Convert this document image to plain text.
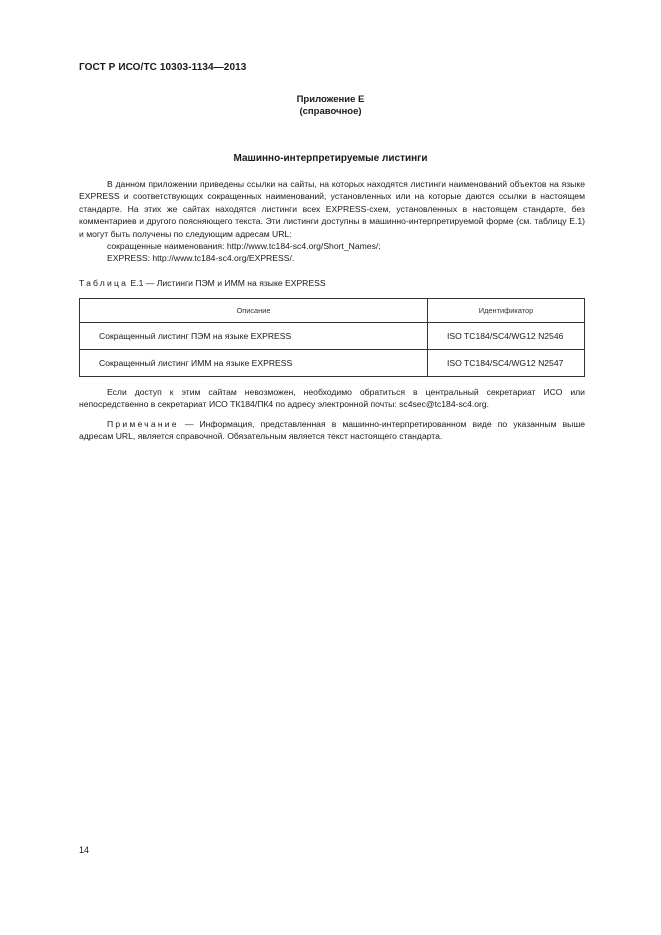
ГОСТ Р ИСО/ТС 10303-1134—2013
Приложение Е
(справочное)
Машинно-интерпретируемые листинги

В данном приложении приведены ссылки на сайты, на которых находятся листинги наименований объектов на языке EXPRESS и соответствующих сокращенных наименований, установленных или на которые даются ссылки в настоящем стандарте. На этих же сайтах находятся листинги всех EXPRESS-схем, установленных в настоящем стандарте, без комментариев и другого поясняющего текста. Эти листинги доступны в машинно-интерпретируемой форме (см. таблицу Е.1) и могут быть получены по следующим адресам URL:

сокращенные наименования: http://www.tc184-sc4.org/Short_Names/;

EXPRESS: http://www.tc184-sc4.org/EXPRESS/.

Таблица Е.1 — Листинги ПЭМ и ИММ на языке EXPRESS
Описание	Идентификатор
Сокращенный листинг ПЭМ на языке EXPRESS	ISO TC184/SC4/WG12 N2546
Сокращенный листинг ИММ на языке EXPRESS	ISO TC184/SC4/WG12 N2547

Если доступ к этим сайтам невозможен, необходимо обратиться в центральный секретариат ИСО или непосредственно в секретариат ИСО ТК184/ПК4 по адресу электронной почты: sc4sec@tc184-sc4.org.

Примечание — Информация, представленная в машинно-интерпретированном виде по указанным выше адресам URL, является справочной. Обязательным является текст настоящего стандарта.

14
